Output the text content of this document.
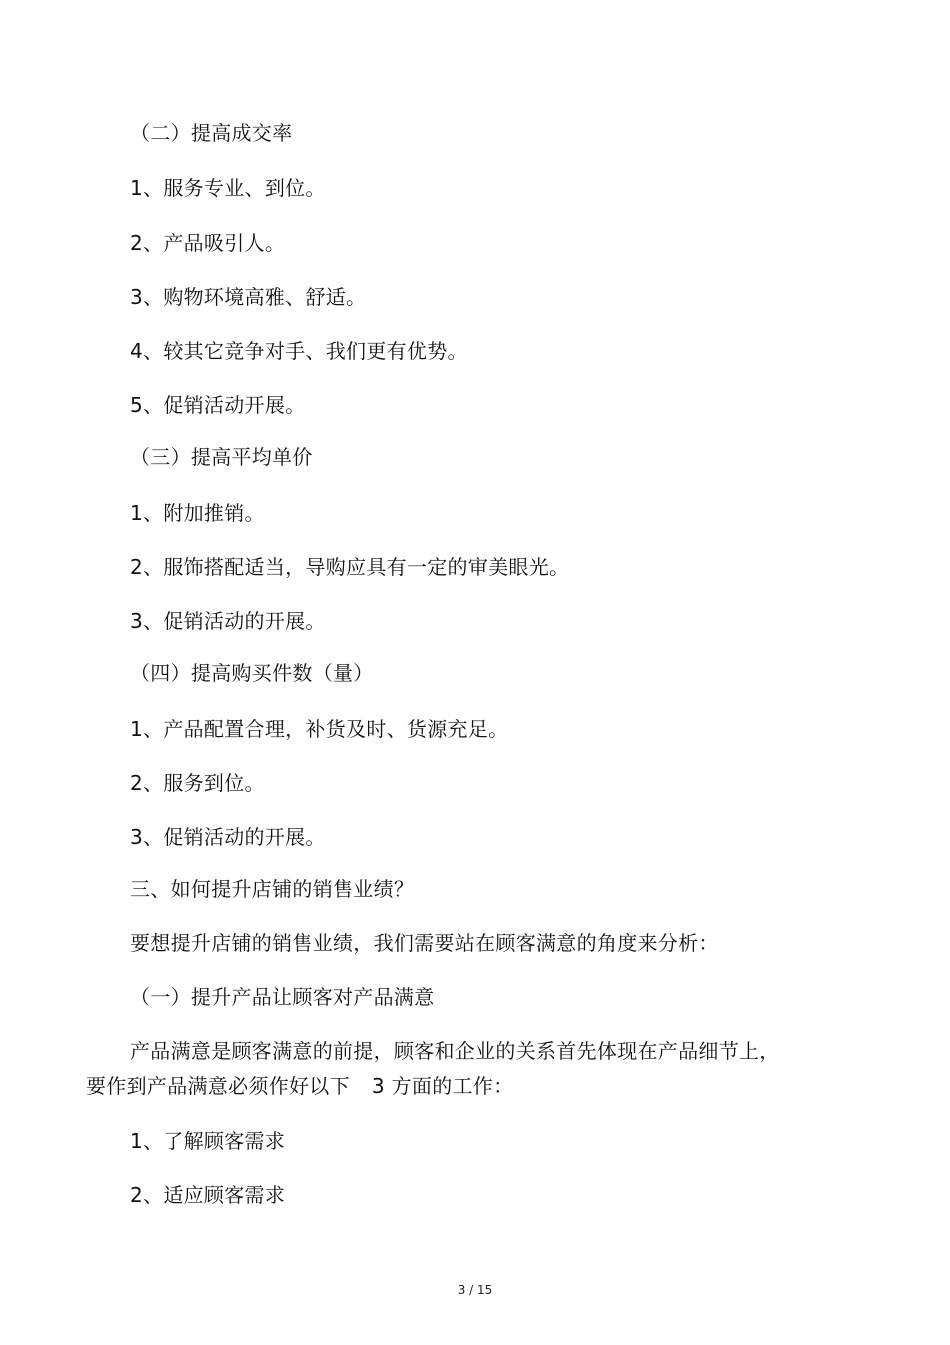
（二）提高成交率
1、服务专业、到位。
2、产品吸引人。
3、购物环境高雅、舒适。
4、较其它竞争对手、我们更有优势。
5、促销活动开展。
（三）提高平均单价
1、附加推销。
2、服饰搭配适当，导购应具有一定的审美眼光。
3、促销活动的开展。
（四）提高购买件数（量）
1、产品配置合理，补货及时、货源充足。
2、服务到位。
3、促销活动的开展。
三、如何提升店铺的销售业绩？
要想提升店铺的销售业绩，我们需要站在顾客满意的角度来分析：
（一）提升产品让顾客对产品满意
产品满意是顾客满意的前提，顾客和企业的关系首先体现在产品细节上，
要作到产品满意必须作好以下 3 方面的工作：
1、了解顾客需求
2、适应顾客需求
3 / 15
